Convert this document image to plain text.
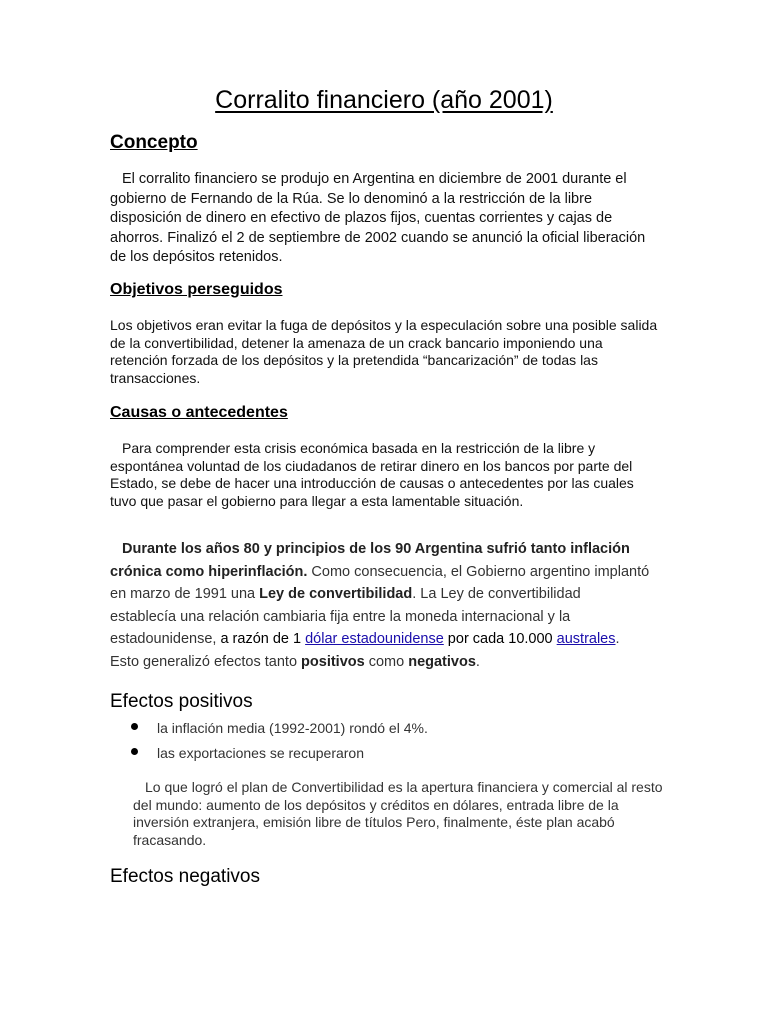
Corralito financiero (año 2001)
Concepto

El corralito financiero se produjo en Argentina en diciembre de 2001 durante el gobierno de Fernando de la Rúa. Se lo denominó a la restricción de la libre disposición de dinero en efectivo de plazos fijos, cuentas corrientes y cajas de ahorros. Finalizó el 2 de septiembre de 2002 cuando se anunció la oficial liberación de los depósitos retenidos.

Objetivos perseguidos

Los objetivos eran evitar la fuga de depósitos y la especulación sobre una posible salida de la convertibilidad, detener la amenaza de un crack bancario imponiendo una retención forzada de los depósitos y la pretendida “bancarización” de todas las transacciones.

Causas o antecedentes

Para comprender esta crisis económica basada en la restricción de la libre y espontánea voluntad de los ciudadanos de retirar dinero en los bancos por parte del Estado, se debe de hacer una introducción de causas o antecedentes por las cuales tuvo que pasar el gobierno para llegar a esta lamentable situación.

Durante los años 80 y principios de los 90 Argentina sufrió tanto inflación crónica como hiperinflación. Como consecuencia, el Gobierno argentino implantó en marzo de 1991 una Ley de convertibilidad. La Ley de convertibilidad establecía una relación cambiaria fija entre la moneda internacional y la estadounidense, a razón de 1 dólar estadounidense por cada 10.000 australes. Esto generalizó efectos tanto positivos como negativos.

Efectos positivos
la inflación media (1992-2001) rondó el 4%.
las exportaciones se recuperaron

Lo que logró el plan de Convertibilidad es la apertura financiera y comercial al resto del mundo: aumento de los depósitos y créditos en dólares, entrada libre de la inversión extranjera, emisión libre de títulos Pero, finalmente, éste plan acabó fracasando.

Efectos negativos
